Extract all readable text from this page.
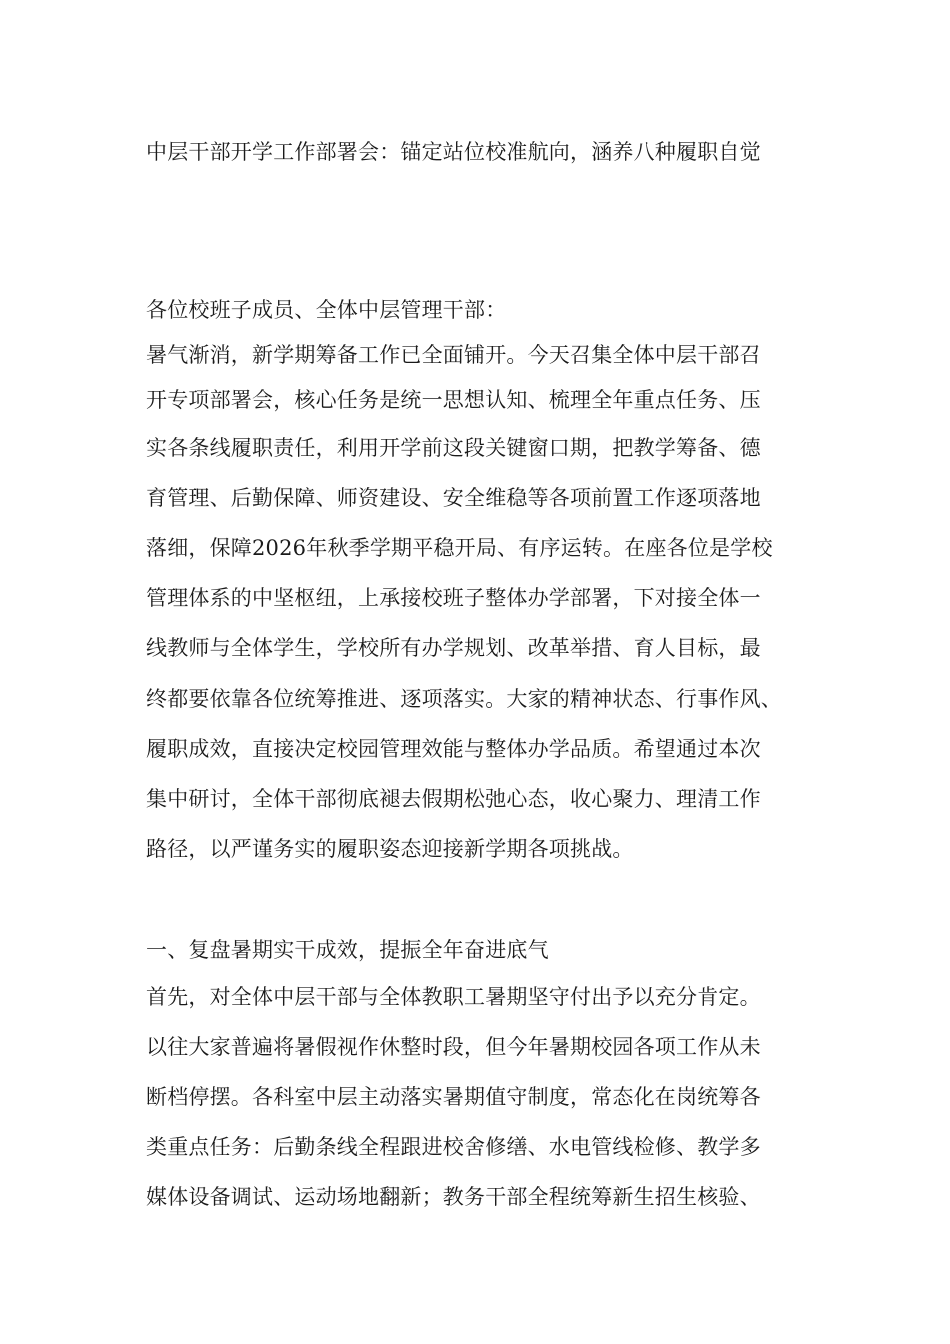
中层干部开学工作部署会：锚定站位校准航向，涵养八种履职自觉
各位校班子成员、全体中层管理干部：
暑气渐消，新学期筹备工作已全面铺开。今天召集全体中层干部召
开专项部署会，核心任务是统一思想认知、梳理全年重点任务、压
实各条线履职责任，利用开学前这段关键窗口期，把教学筹备、德
育管理、后勤保障、师资建设、安全维稳等各项前置工作逐项落地
落细，保障2026年秋季学期平稳开局、有序运转。在座各位是学校
管理体系的中坚枢纽，上承接校班子整体办学部署，下对接全体一
线教师与全体学生，学校所有办学规划、改革举措、育人目标，最
终都要依靠各位统筹推进、逐项落实。大家的精神状态、行事作风、
履职成效，直接决定校园管理效能与整体办学品质。希望通过本次
集中研讨，全体干部彻底褪去假期松弛心态，收心聚力、理清工作
路径，以严谨务实的履职姿态迎接新学期各项挑战。
一、复盘暑期实干成效，提振全年奋进底气
首先，对全体中层干部与全体教职工暑期坚守付出予以充分肯定。
以往大家普遍将暑假视作休整时段，但今年暑期校园各项工作从未
断档停摆。各科室中层主动落实暑期值守制度，常态化在岗统筹各
类重点任务：后勤条线全程跟进校舍修缮、水电管线检修、教学多
媒体设备调试、运动场地翻新；教务干部全程统筹新生招生核验、
